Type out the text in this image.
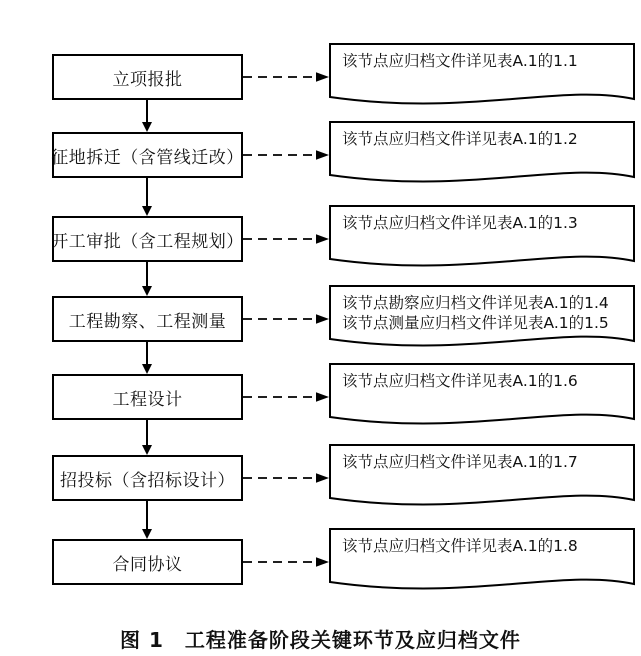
立项报批
该节点应归档文件详见表A.1的1.1
征地拆迁（含管线迁改）
该节点应归档文件详见表A.1的1.2
开工审批（含工程规划）
该节点应归档文件详见表A.1的1.3
工程勘察、工程测量
该节点勘察应归档文件详见表A.1的1.4
该节点测量应归档文件详见表A.1的1.5
工程设计
该节点应归档文件详见表A.1的1.6
招投标（含招标设计）
该节点应归档文件详见表A.1的1.7
合同协议
该节点应归档文件详见表A.1的1.8
图 1　工程准备阶段关键环节及应归档文件
